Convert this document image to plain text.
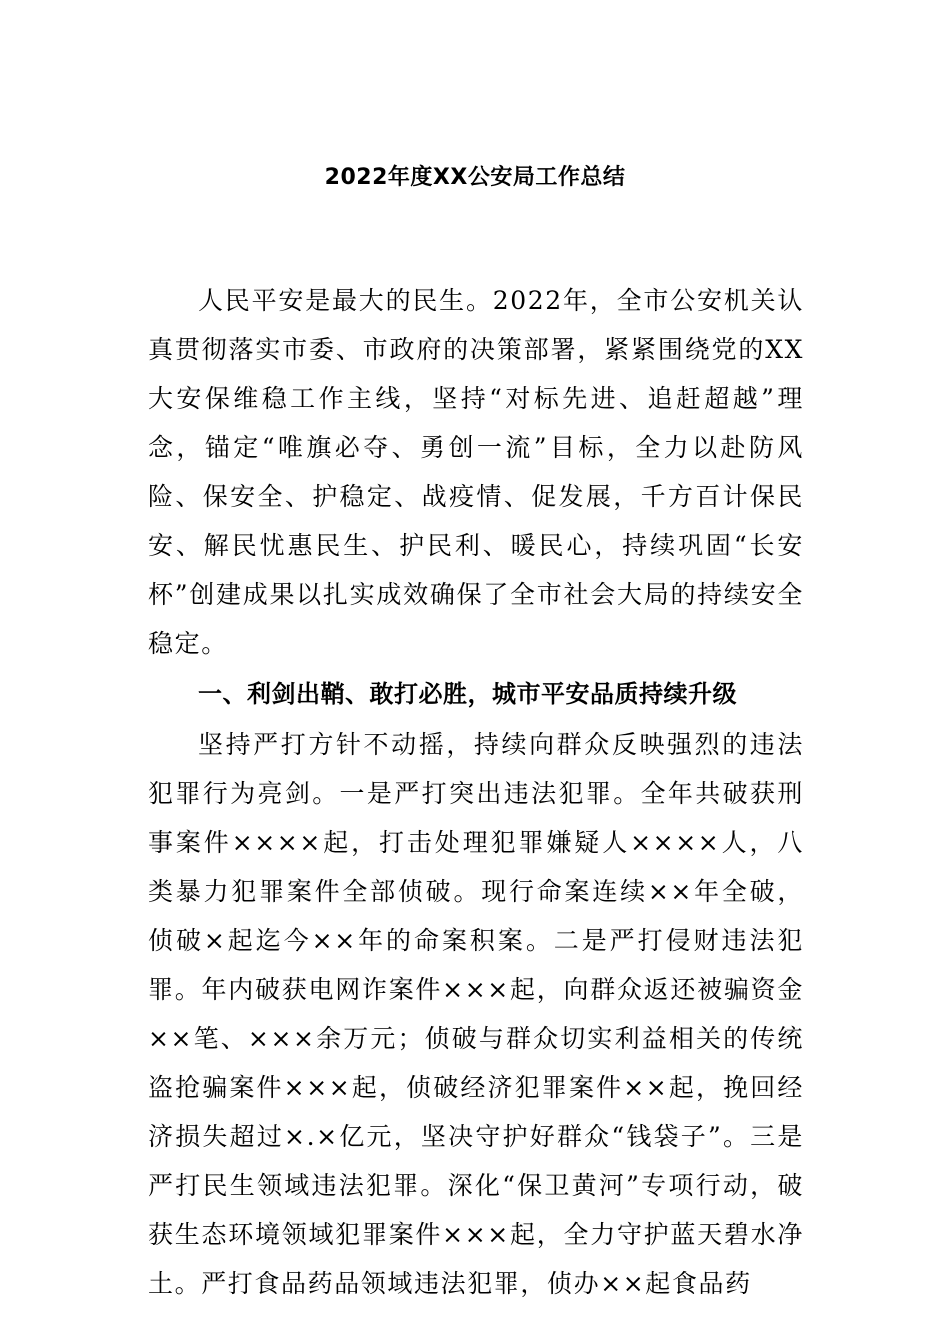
2022年度XX公安局工作总结

人民平安是最大的民生。2022年，全市公安机关认真贯彻落实市委、市政府的决策部署，紧紧围绕党的XX大安保维稳工作主线，坚持“对标先进、追赶超越”理念，锚定“唯旗必夺、勇创一流”目标，全力以赴防风险、保安全、护稳定、战疫情、促发展，千方百计保民安、解民忧惠民生、护民利、暖民心，持续巩固“长安杯”创建成果以扎实成效确保了全市社会大局的持续安全稳定。

一、利剑出鞘、敢打必胜，城市平安品质持续升级

坚持严打方针不动摇，持续向群众反映强烈的违法犯罪行为亮剑。一是严打突出违法犯罪。全年共破获刑事案件××××起，打击处理犯罪嫌疑人××××人，八类暴力犯罪案件全部侦破。现行命案连续××年全破，侦破×起迄今××年的命案积案。二是严打侵财违法犯罪。年内破获电网诈案件×××起，向群众返还被骗资金××笔、×××余万元；侦破与群众切实利益相关的传统盗抢骗案件×××起，侦破经济犯罪案件××起，挽回经济损失超过×.×亿元，坚决守护好群众“钱袋子”。三是严打民生领域违法犯罪。深化“保卫黄河”专项行动，破获生态环境领域犯罪案件×××起，全力守护蓝天碧水净土。严打食品药品领域违法犯罪，侦办××起食品药
